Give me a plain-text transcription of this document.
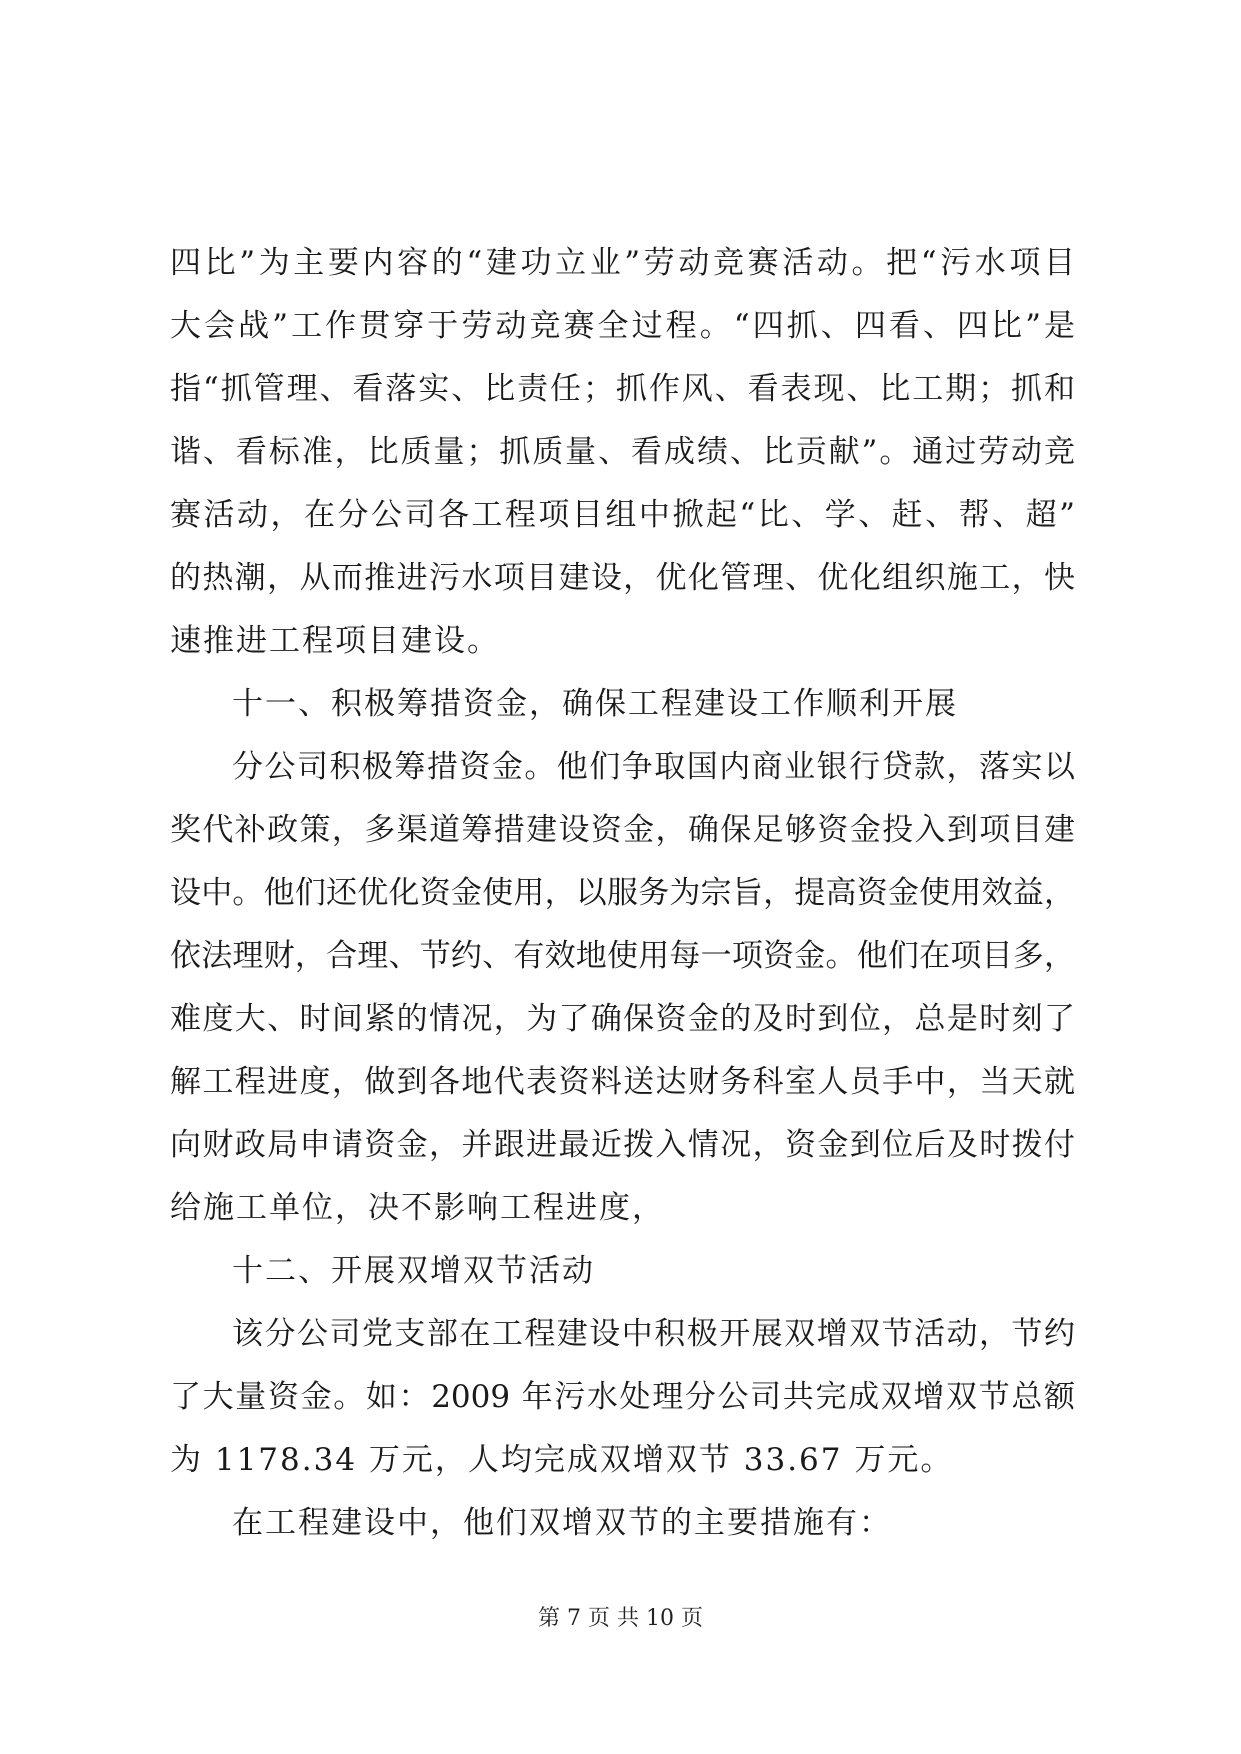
四比”为主要内容的“建功立业”劳动竞赛活动。把“污水项目
大会战”工作贯穿于劳动竞赛全过程。“四抓、四看、四比”是
指“抓管理、看落实、比责任；抓作风、看表现、比工期；抓和
谐、看标准，比质量；抓质量、看成绩、比贡献”。通过劳动竞
赛活动，在分公司各工程项目组中掀起“比、学、赶、帮、超”
的热潮，从而推进污水项目建设，优化管理、优化组织施工，快
速推进工程项目建设。
十一、积极筹措资金，确保工程建设工作顺利开展
分公司积极筹措资金。他们争取国内商业银行贷款，落实以
奖代补政策，多渠道筹措建设资金，确保足够资金投入到项目建
设中。他们还优化资金使用，以服务为宗旨，提高资金使用效益，
依法理财，合理、节约、有效地使用每一项资金。他们在项目多，
难度大、时间紧的情况，为了确保资金的及时到位，总是时刻了
解工程进度，做到各地代表资料送达财务科室人员手中，当天就
向财政局申请资金，并跟进最近拨入情况，资金到位后及时拨付
给施工单位，决不影响工程进度，
十二、开展双增双节活动
该分公司党支部在工程建设中积极开展双增双节活动，节约
了大量资金。如：2009 年污水处理分公司共完成双增双节总额
为 1178.34 万元，人均完成双增双节 33.67 万元。
在工程建设中，他们双增双节的主要措施有：
第 7 页 共 10 页
